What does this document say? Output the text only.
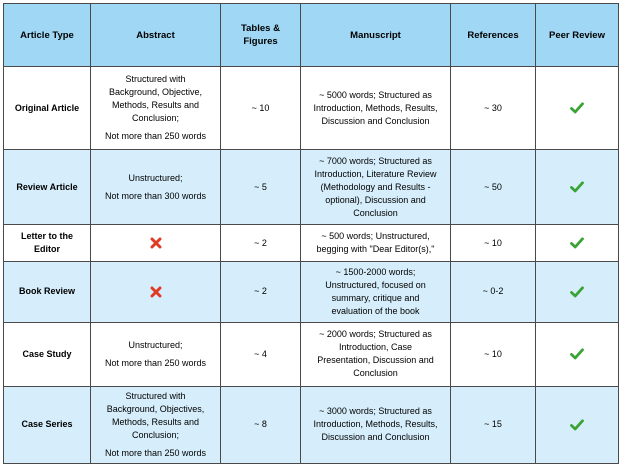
Article Type	Abstract	Tables & Figures	Manuscript	References	Peer Review
Original Article	Structured with
Background, Objective,
Methods, Results and
Conclusion;
Not more than 250 words	~ 10	~ 5000 words; Structured as
Introduction, Methods, Results,
Discussion and Conclusion	~ 30	

Review Article	Unstructured;
Not more than 300 words	~ 5	~ 7000 words; Structured as
Introduction, Literature Review
(Methodology and Results -
optional), Discussion and
Conclusion	~ 50	

Letter to the Editor		~ 2	~ 500 words; Unstructured,
begging with "Dear Editor(s),"	~ 10	

Book Review		~ 2	~ 1500-2000 words;
Unstructured, focused on
summary, critique and
evaluation of the book	~ 0-2	

Case Study	Unstructured;
Not more than 250 words	~ 4	~ 2000 words; Structured as
Introduction, Case
Presentation, Discussion and
Conclusion	~ 10	

Case Series	Structured with
Background, Objectives,
Methods, Results and
Conclusion;
Not more than 250 words	~ 8	~ 3000 words; Structured as
Introduction, Methods, Results,
Discussion and Conclusion	~ 15	
